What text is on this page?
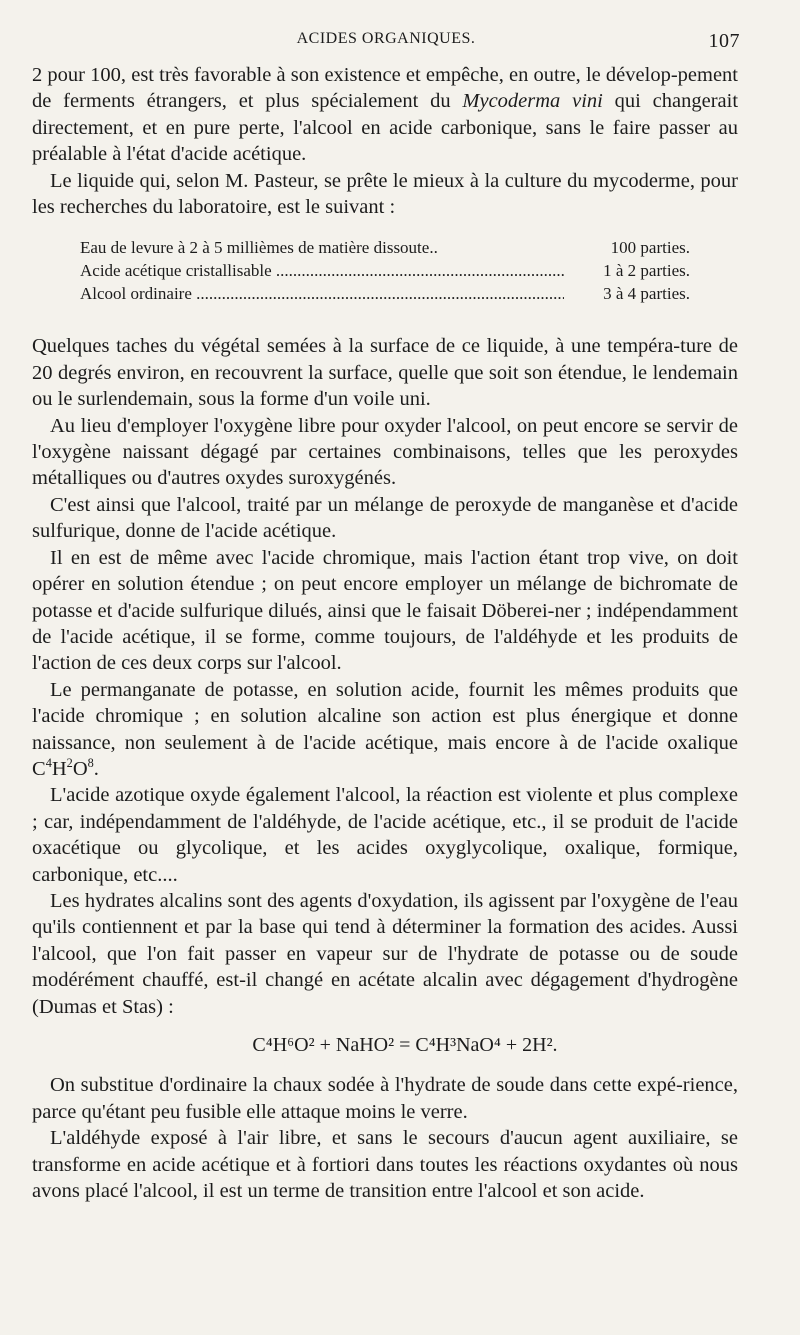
ACIDES ORGANIQUES.	107

2 pour 100, est très favorable à son existence et empêche, en outre, le dévelop-pement de ferments étrangers, et plus spécialement du Mycoderma vini qui changerait directement, et en pure perte, l'alcool en acide carbonique, sans le faire passer au préalable à l'état d'acide acétique.

Le liquide qui, selon M. Pasteur, se prête le mieux à la culture du mycoderme, pour les recherches du laboratoire, est le suivant :

Eau de levure à 2 à 5 millièmes de matière dissoute..	100 parties.
Acide acétique cristallisable .....	1 à 2 parties.
Alcool ordinaire .....	3 à 4 parties.

Quelques taches du végétal semées à la surface de ce liquide, à une tempéra-ture de 20 degrés environ, en recouvrent la surface, quelle que soit son étendue, le lendemain ou le surlendemain, sous la forme d'un voile uni.

Au lieu d'employer l'oxygène libre pour oxyder l'alcool, on peut encore se servir de l'oxygène naissant dégagé par certaines combinaisons, telles que les peroxydes métalliques ou d'autres oxydes suroxygénés.

C'est ainsi que l'alcool, traité par un mélange de peroxyde de manganèse et d'acide sulfurique, donne de l'acide acétique.

Il en est de même avec l'acide chromique, mais l'action étant trop vive, on doit opérer en solution étendue ; on peut encore employer un mélange de bichromate de potasse et d'acide sulfurique dilués, ainsi que le faisait Döberei-ner ; indépendamment de l'acide acétique, il se forme, comme toujours, de l'aldéhyde et les produits de l'action de ces deux corps sur l'alcool.

Le permanganate de potasse, en solution acide, fournit les mêmes produits que l'acide chromique ; en solution alcaline son action est plus énergique et donne naissance, non seulement à de l'acide acétique, mais encore à de l'acide oxalique $C^4H^2O^8$.

L'acide azotique oxyde également l'alcool, la réaction est violente et plus complexe ; car, indépendamment de l'aldéhyde, de l'acide acétique, etc., il se produit de l'acide oxacétique ou glycolique, et les acides oxyglycolique, oxalique, formique, carbonique, etc....

Les hydrates alcalins sont des agents d'oxydation, ils agissent par l'oxygène de l'eau qu'ils contiennent et par la base qui tend à déterminer la formation des acides. Aussi l'alcool, que l'on fait passer en vapeur sur de l'hydrate de potasse ou de soude modérément chauffé, est-il changé en acétate alcalin avec dégagement d'hydrogène (Dumas et Stas) :

C⁴H⁶O² + NaHO² = C⁴H³NaO⁴ + 2H².

On substitue d'ordinaire la chaux sodée à l'hydrate de soude dans cette expé-rience, parce qu'étant peu fusible elle attaque moins le verre.

L'aldéhyde exposé à l'air libre, et sans le secours d'aucun agent auxiliaire, se transforme en acide acétique et à fortiori dans toutes les réactions oxydantes où nous avons placé l'alcool, il est un terme de transition entre l'alcool et son acide.
